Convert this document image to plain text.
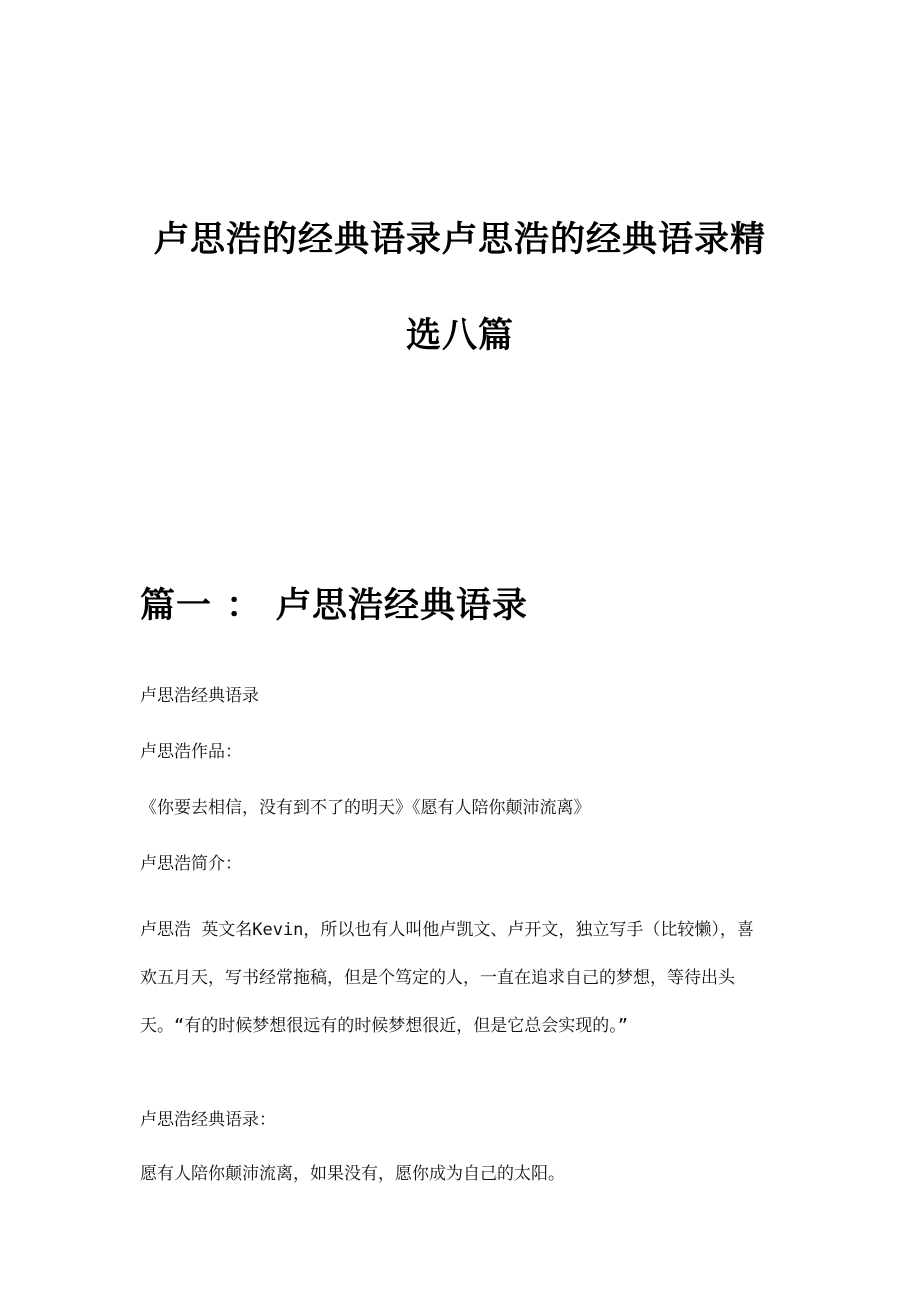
卢思浩的经典语录卢思浩的经典语录精
选八篇
篇一 ： 卢思浩经典语录

卢思浩经典语录

卢思浩作品：

《你要去相信，没有到不了的明天》《愿有人陪你颠沛流离》

卢思浩简介：

卢思浩 英文名Kevin，所以也有人叫他卢凯文、卢开文，独立写手（比较懒），喜欢五月天，写书经常拖稿，但是个笃定的人，一直在追求自己的梦想，等待出头天。“有的时候梦想很远有的时候梦想很近，但是它总会实现的。”

卢思浩经典语录：

愿有人陪你颠沛流离，如果没有，愿你成为自己的太阳。
